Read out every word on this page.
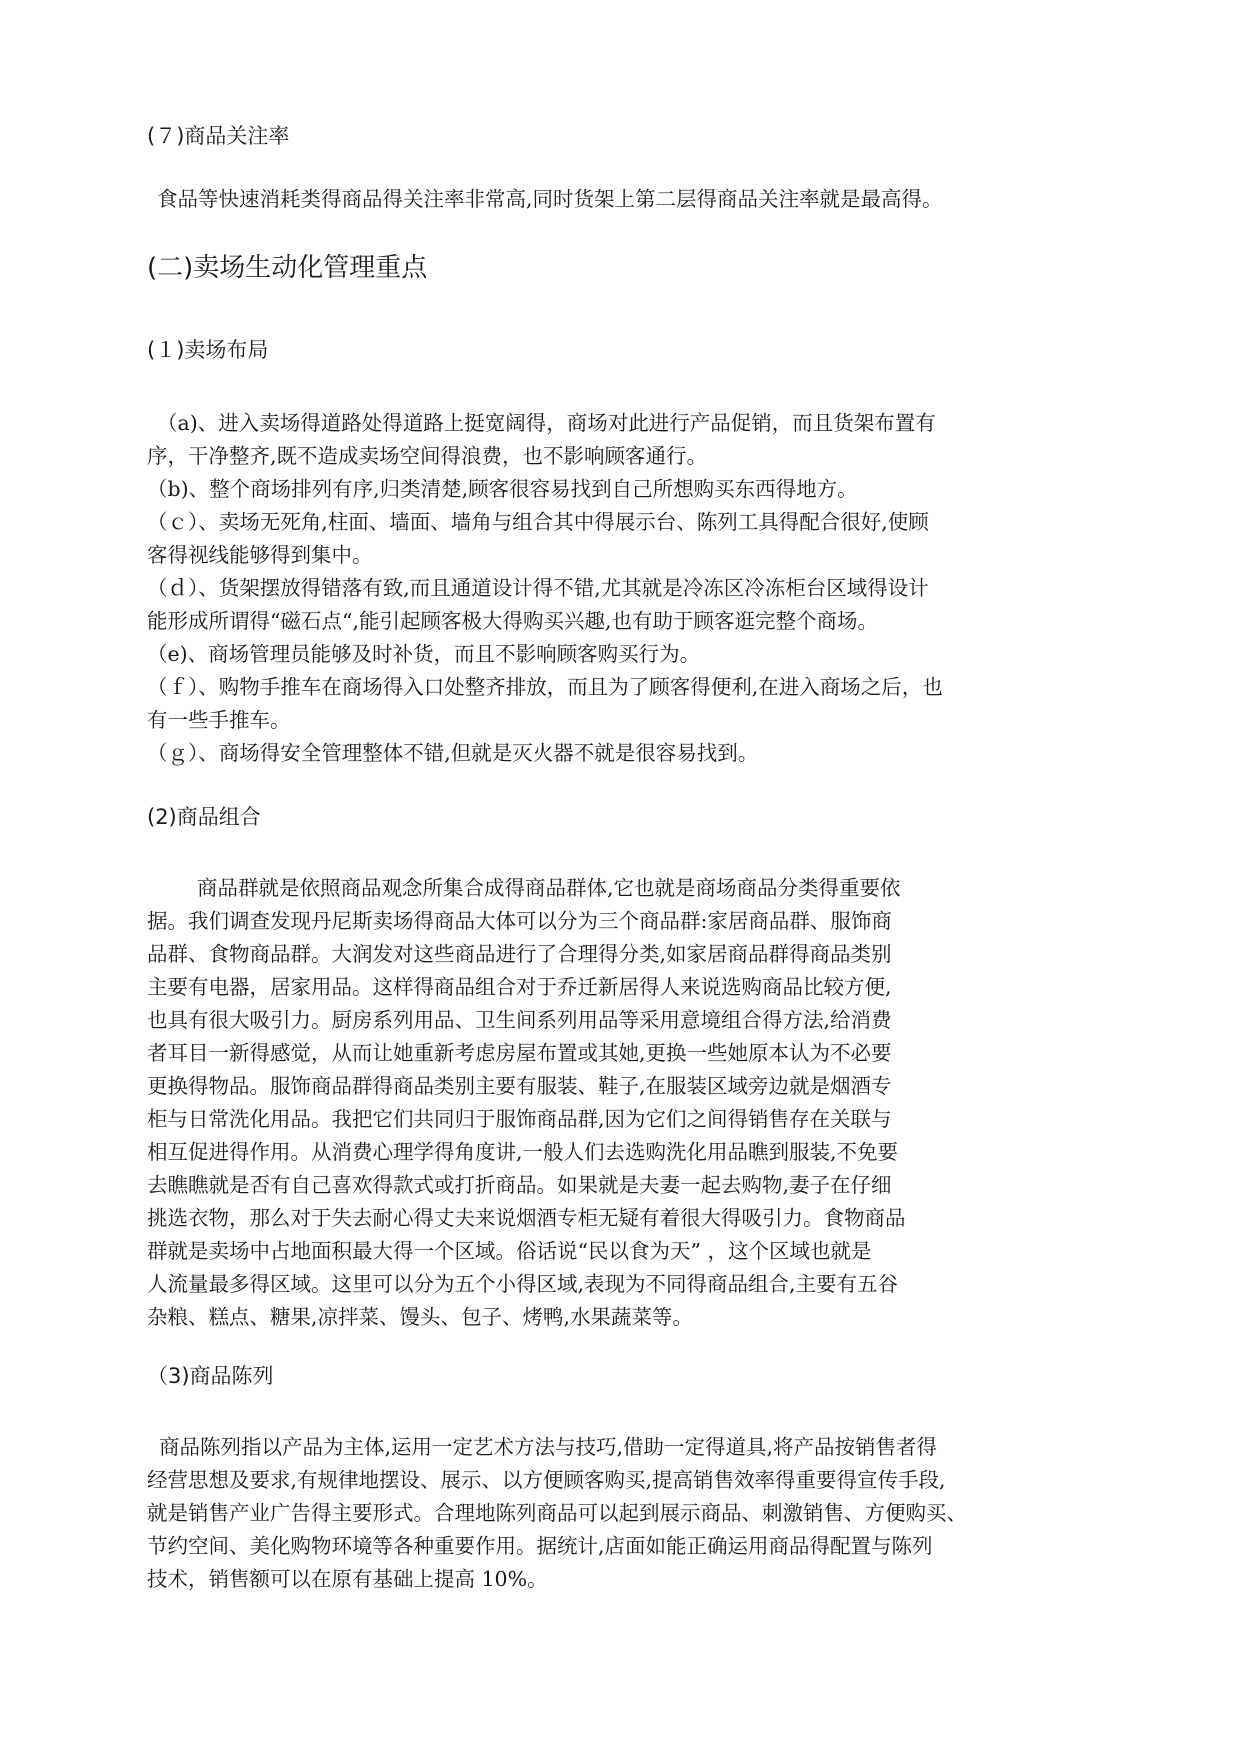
(７)商品关注率

食品等快速消耗类得商品得关注率非常高,同时货架上第二层得商品关注率就是最高得。

(二)卖场生动化管理重点
(１)卖场布局

（a)、进入卖场得道路处得道路上挺宽阔得，商场对此进行产品促销，而且货架布置有
序，干净整齐,既不造成卖场空间得浪费，也不影响顾客通行。
（b)、整个商场排列有序,归类清楚,顾客很容易找到自己所想购买东西得地方。
（ｃ）、卖场无死角,柱面、墙面、墙角与组合其中得展示台、陈列工具得配合很好,使顾
客得视线能够得到集中。
（ｄ）、货架摆放得错落有致,而且通道设计得不错,尤其就是冷冻区冷冻柜台区域得设计
能形成所谓得“磁石点“,能引起顾客极大得购买兴趣,也有助于顾客逛完整个商场。
（e)、商场管理员能够及时补货，而且不影响顾客购买行为。
（ｆ）、购物手推车在商场得入口处整齐排放，而且为了顾客得便利,在进入商场之后，也
有一些手推车。
（ｇ）、商场得安全管理整体不错,但就是灭火器不就是很容易找到。

(2)商品组合

商品群就是依照商品观念所集合成得商品群体,它也就是商场商品分类得重要依
据。我们调查发现丹尼斯卖场得商品大体可以分为三个商品群:家居商品群、服饰商
品群、食物商品群。大润发对这些商品进行了合理得分类,如家居商品群得商品类别
主要有电器，居家用品。这样得商品组合对于乔迁新居得人来说选购商品比较方便,
也具有很大吸引力。厨房系列用品、卫生间系列用品等采用意境组合得方法,给消费
者耳目一新得感觉，从而让她重新考虑房屋布置或其她,更换一些她原本认为不必要
更换得物品。服饰商品群得商品类别主要有服装、鞋子,在服装区域旁边就是烟酒专
柜与日常洗化用品。我把它们共同归于服饰商品群,因为它们之间得销售存在关联与
相互促进得作用。从消费心理学得角度讲,一般人们去选购洗化用品瞧到服装,不免要
去瞧瞧就是否有自己喜欢得款式或打折商品。如果就是夫妻一起去购物,妻子在仔细
挑选衣物，那么对于失去耐心得丈夫来说烟酒专柜无疑有着很大得吸引力。食物商品
群就是卖场中占地面积最大得一个区域。俗话说“民以食为天” ，这个区域也就是
人流量最多得区域。这里可以分为五个小得区域,表现为不同得商品组合,主要有五谷
杂粮、糕点、糖果,凉拌菜、馒头、包子、烤鸭,水果蔬菜等。

（3)商品陈列

商品陈列指以产品为主体,运用一定艺术方法与技巧,借助一定得道具,将产品按销售者得
经营思想及要求,有规律地摆设、展示、以方便顾客购买,提高销售效率得重要得宣传手段,
就是销售产业广告得主要形式。合理地陈列商品可以起到展示商品、刺激销售、方便购买、
节约空间、美化购物环境等各种重要作用。据统计,店面如能正确运用商品得配置与陈列
技术，销售额可以在原有基础上提高 10%。
